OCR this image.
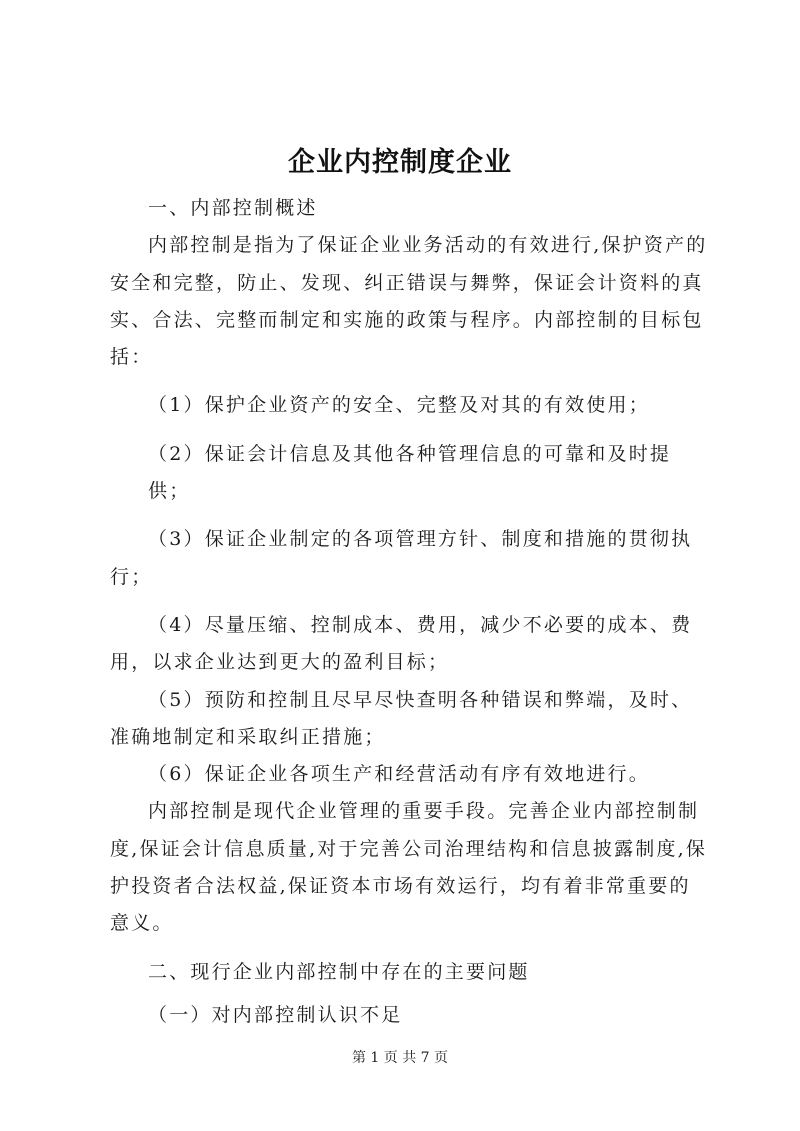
企业内控制度企业

一、内部控制概述

内部控制是指为了保证企业业务活动的有效进行,保护资产的安全和完整，防止、发现、纠正错误与舞弊，保证会计资料的真实、合法、完整而制定和实施的政策与程序。内部控制的目标包括：

（1）保护企业资产的安全、完整及对其的有效使用；

（2）保证会计信息及其他各种管理信息的可靠和及时提供；

（3）保证企业制定的各项管理方针、制度和措施的贯彻执
行；

（4）尽量压缩、控制成本、费用，减少不必要的成本、费
用，以求企业达到更大的盈利目标；

（5）预防和控制且尽早尽快查明各种错误和弊端，及时、
准确地制定和采取纠正措施；

（6）保证企业各项生产和经营活动有序有效地进行。

内部控制是现代企业管理的重要手段。完善企业内部控制制度,保证会计信息质量,对于完善公司治理结构和信息披露制度,保护投资者合法权益,保证资本市场有效运行，均有着非常重要的意义。

二、现行企业内部控制中存在的主要问题

（一）对内部控制认识不足

第 1 页 共 7 页
